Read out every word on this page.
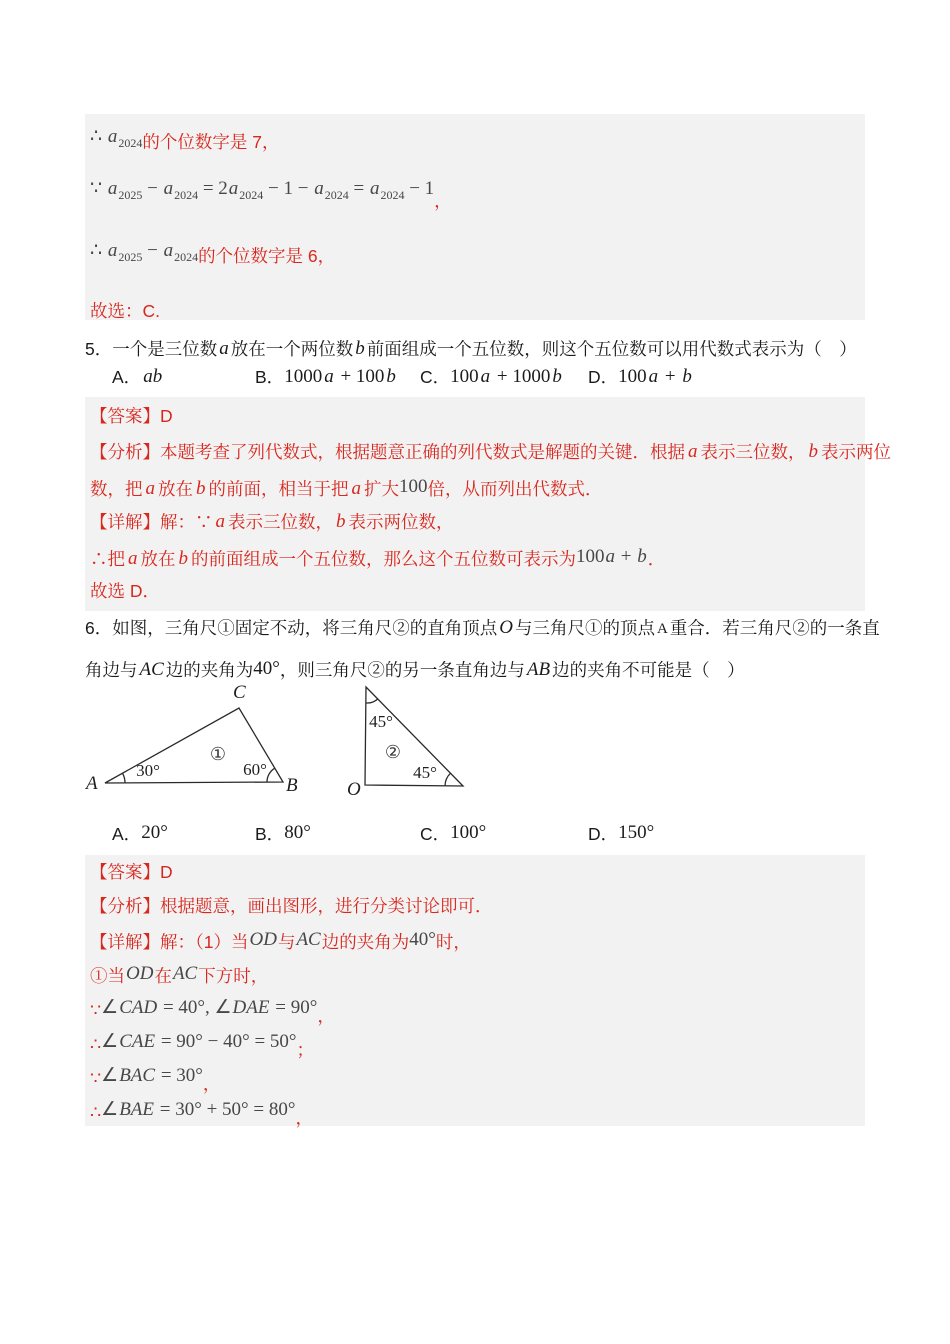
∴ $a_{2024}$的个位数字是 7，
∵ $a_{2025} - a_{2024} = 2a_{2024} - 1 - a_{2024} = a_{2024} - 1$，
∴ $a_{2025} - a_{2024}$的个位数字是 6，
故选：C.
5．一个是三位数 a 放在一个两位数 b 前面组成一个五位数，则这个五位数可以用代数式表示为（　）
A． ab	B．1000 a + 100 b C．100 a + 1000 b D．100 a + b
【答案】D
【分析】本题考查了列代数式，根据题意正确的列代数式是解题的关键．根据 a 表示三位数， b 表示两位
数，把 a 放在 b 的前面，相当于把 a 扩大100倍，从而列出代数式．
【详解】解：∵ a 表示三位数， b 表示两位数，
∴把 a 放在 b 的前面组成一个五位数，那么这个五位数可表示为100a + b．
故选 D．
6．如图，三角尺①固定不动，将三角尺②的直角顶点 O 与三角尺①的顶点 A 重合．若三角尺②的一条直
角边与 AC 边的夹角为40°，则三角尺②的另一条直角边与 AB 边的夹角不可能是（　）
A	B
C
30°	60°
①
O
45°
45°
②
A．20°	B．80°	C．100°	D．150°
【答案】D
【分析】根据题意，画出图形，进行分类讨论即可．
【详解】解：（1）当OD与AC边的夹角为40°时，
①当OD在AC下方时，
∵∠CAD = 40°, ∠DAE = 90°，
∴∠CAE = 90° − 40° = 50°；
∵∠BAC = 30°，
∴∠BAE = 30° + 50° = 80°，
